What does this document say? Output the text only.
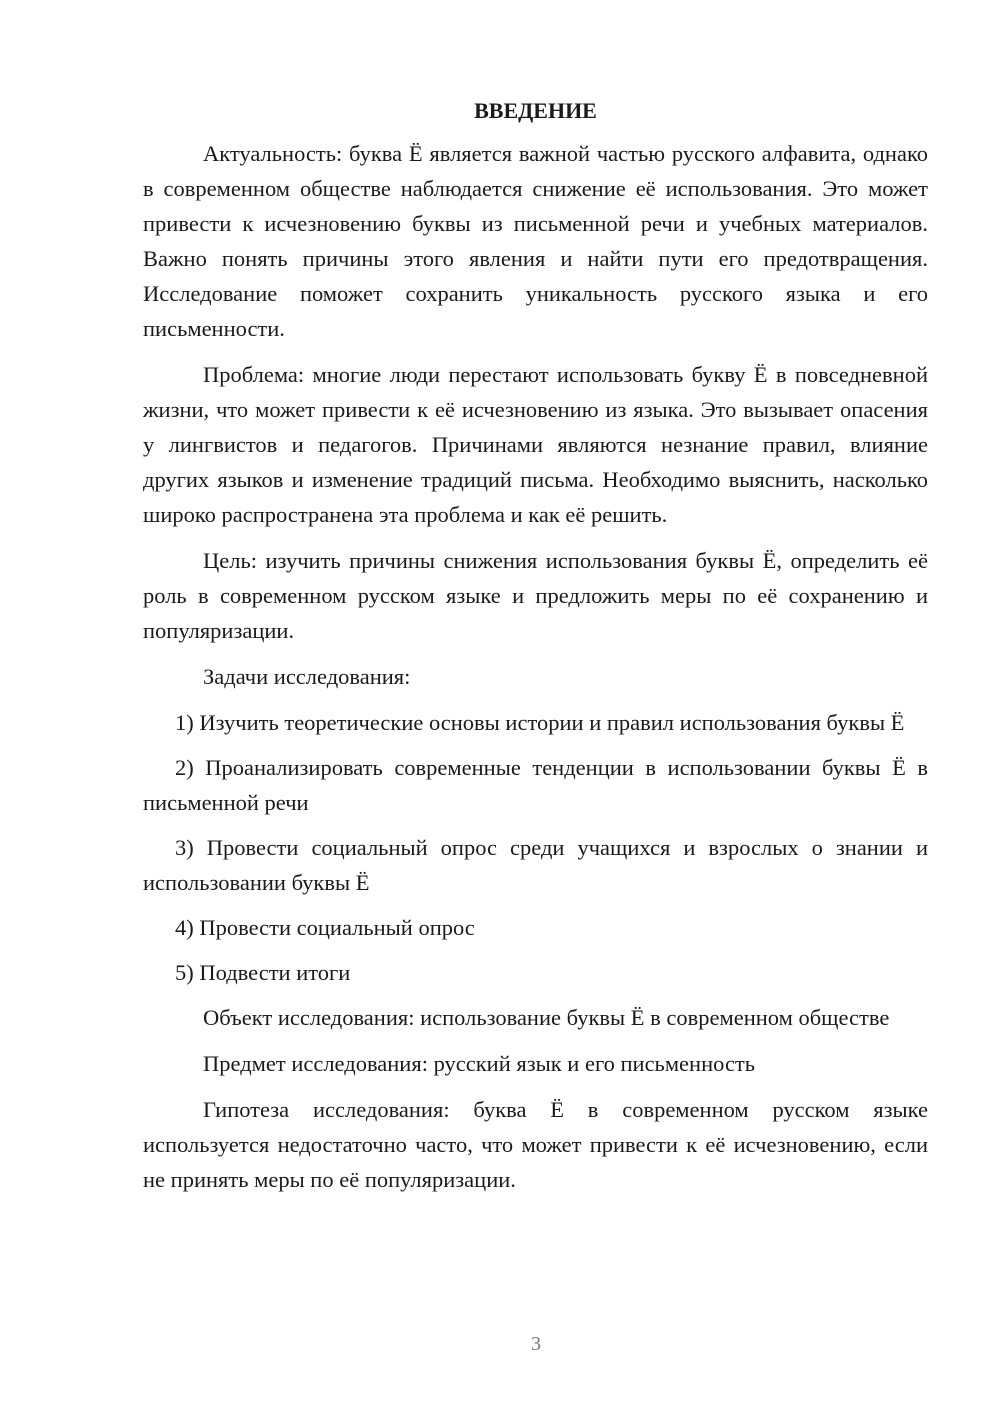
ВВЕДЕНИЕ

Актуальность: буква Ё является важной частью русского алфавита, однако в современном обществе наблюдается снижение её использования. Это может привести к исчезновению буквы из письменной речи и учебных материалов. Важно понять причины этого явления и найти пути его предотвращения. Исследование поможет сохранить уникальность русского языка и его письменности.

Проблема: многие люди перестают использовать букву Ё в повседневной жизни, что может привести к её исчезновению из языка. Это вызывает опасения у лингвистов и педагогов. Причинами являются незнание правил, влияние других языков и изменение традиций письма. Необходимо выяснить, насколько широко распространена эта проблема и как её решить.

Цель: изучить причины снижения использования буквы Ё, определить её роль в современном русском языке и предложить меры по её сохранению и популяризации.

Задачи исследования:

1) Изучить теоретические основы истории и правил использования буквы Ё

2) Проанализировать современные тенденции в использовании буквы Ё в письменной речи

3) Провести социальный опрос среди учащихся и взрослых о знании и использовании буквы Ё

4) Провести социальный опрос

5) Подвести итоги

Объект исследования: использование буквы Ё в современном обществе

Предмет исследования: русский язык и его письменность

Гипотеза исследования: буква Ё в современном русском языке используется недостаточно часто, что может привести к её исчезновению, если не принять меры по её популяризации.

3
